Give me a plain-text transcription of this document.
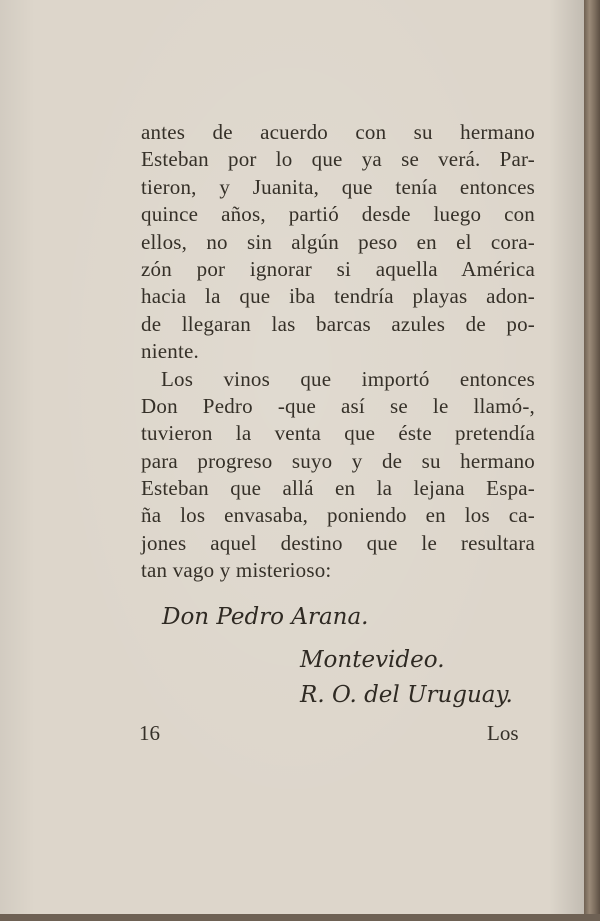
antes de acuerdo con su hermano
Esteban por lo que ya se verá. Par-
tieron, y Juanita, que tenía entonces
quince años, partió desde luego con
ellos, no sin algún peso en el cora-
zón por ignorar si aquella América
hacia la que iba tendría playas adon-
de llegaran las barcas azules de po-
niente.
Los vinos que importó entonces
Don Pedro -que así se le llamó-,
tuvieron la venta que éste pretendía
para progreso suyo y de su hermano
Esteban que allá en la lejana Espa-
ña los envasaba, poniendo en los ca-
jones aquel destino que le resultara
tan vago y misterioso:
Don Pedro Arana.
Montevideo.
R. O. del Uruguay.
16	Los
